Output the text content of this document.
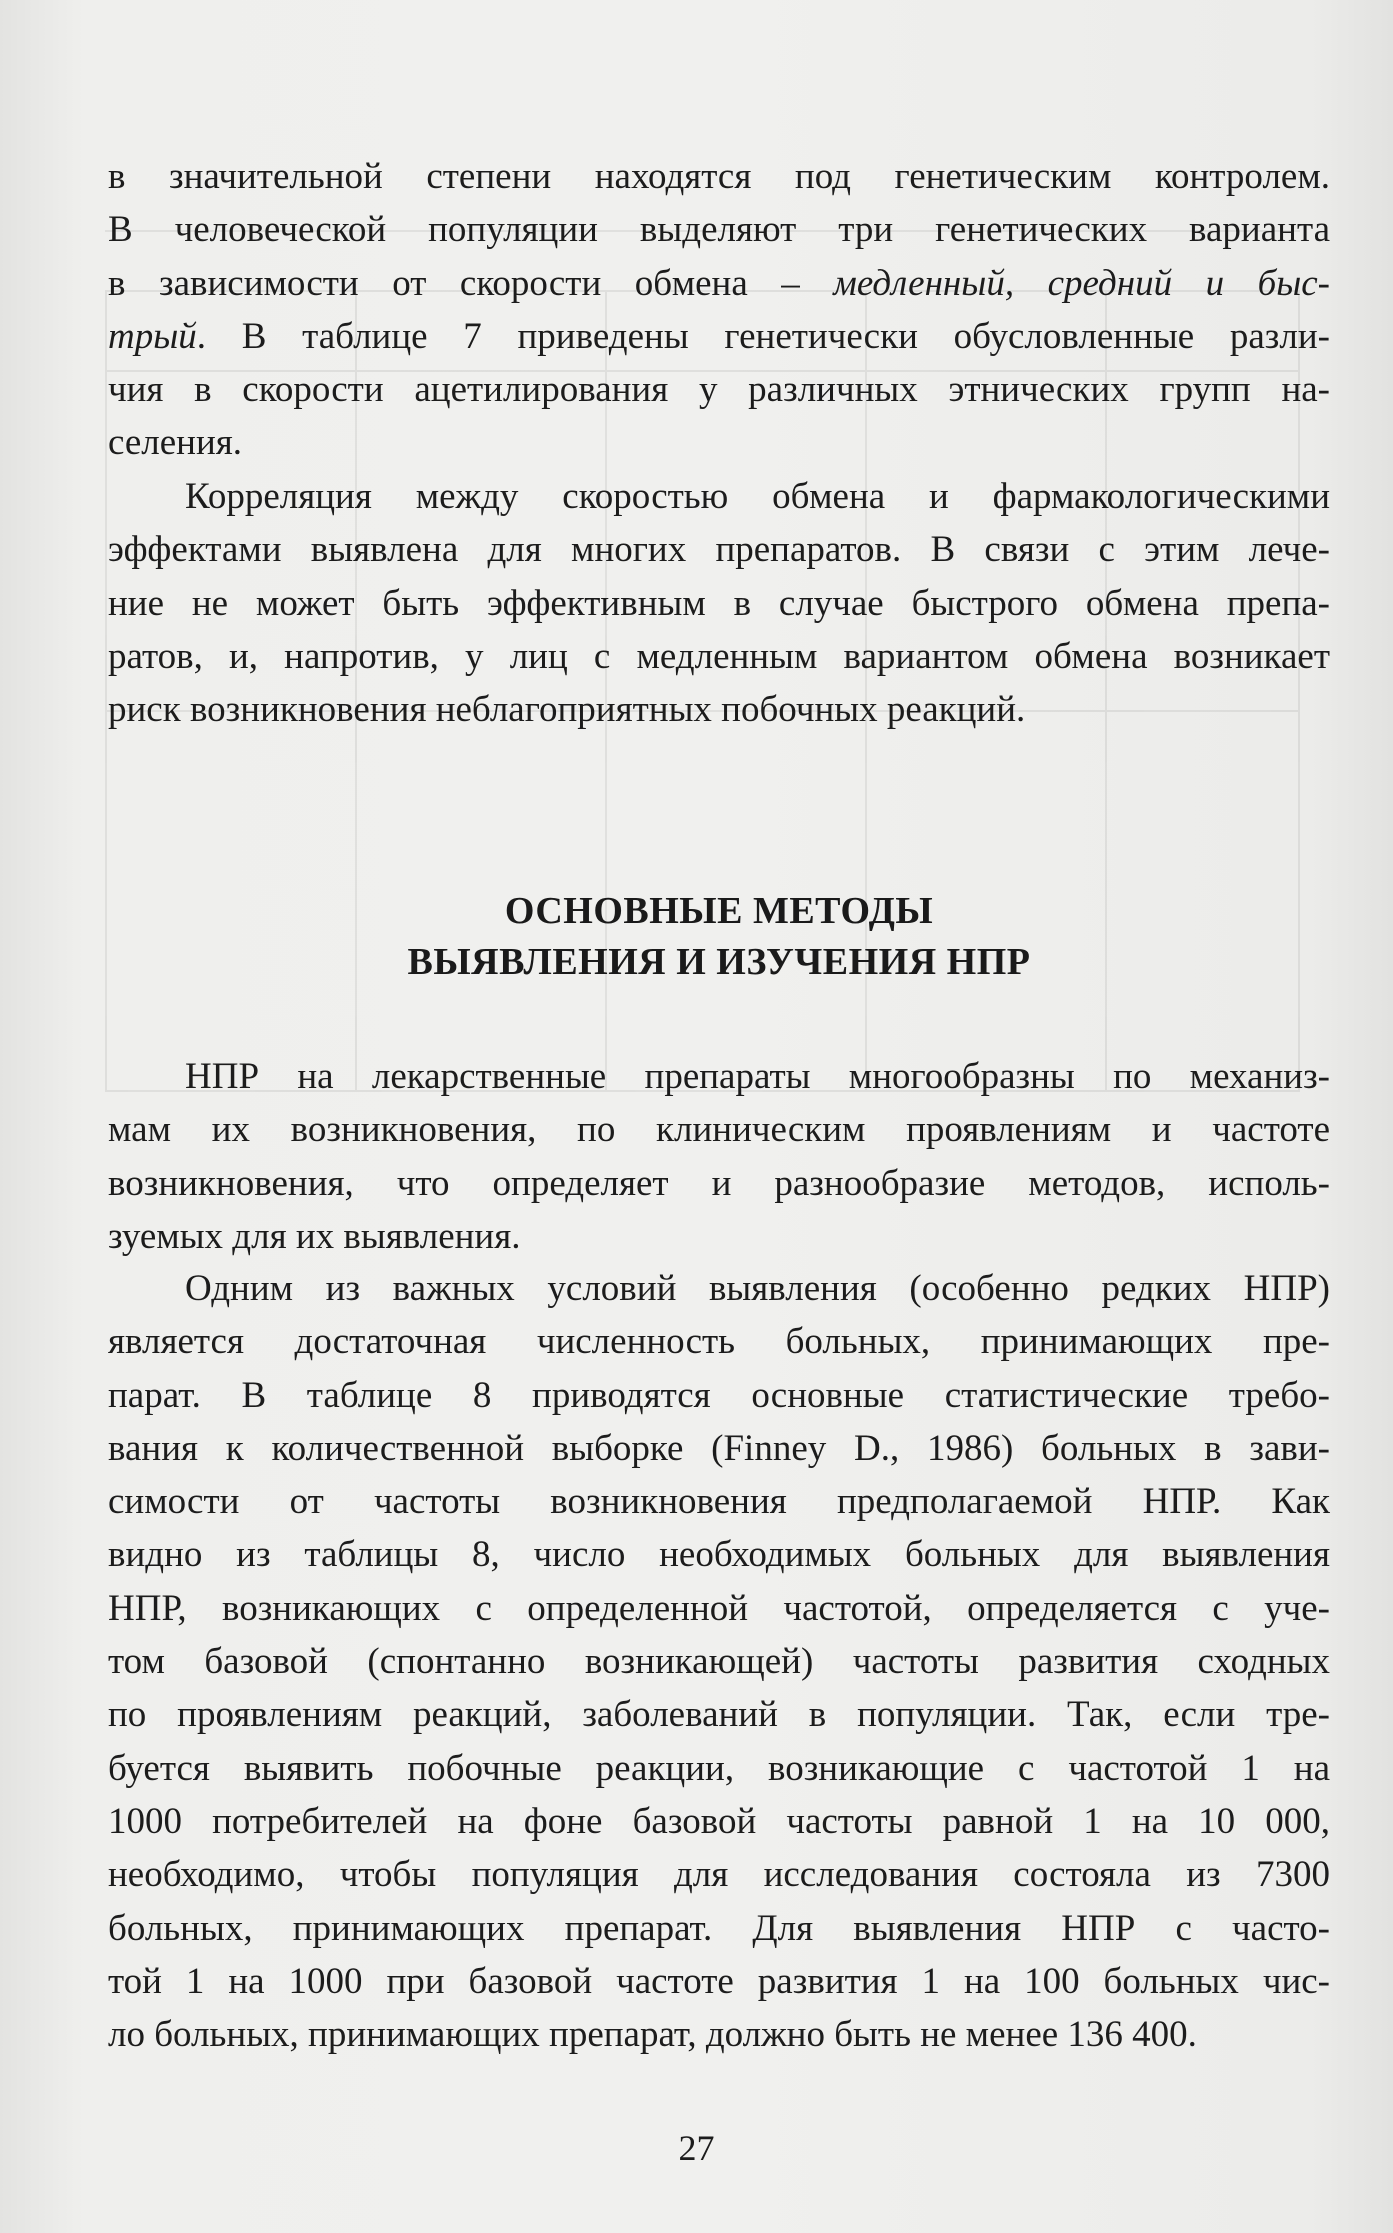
в значительной степени находятся под генетическим контролем.
В человеческой популяции выделяют три генетических варианта
в зависимости от скорости обмена – медленный, средний и быс-
трый. В таблице 7 приведены генетически обусловленные разли-
чия в скорости ацетилирования у различных этнических групп на-
селения.
Корреляция между скоростью обмена и фармакологическими
эффектами выявлена для многих препаратов. В связи с этим лече-
ние не может быть эффективным в случае быстрого обмена препа-
ратов, и, напротив, у лиц с медленным вариантом обмена возникает
риск возникновения неблагоприятных побочных реакций.
ОСНОВНЫЕ МЕТОДЫ
ВЫЯВЛЕНИЯ И ИЗУЧЕНИЯ НПР
НПР на лекарственные препараты многообразны по механиз-
мам их возникновения, по клиническим проявлениям и частоте
возникновения, что определяет и разнообразие методов, исполь-
зуемых для их выявления.
Одним из важных условий выявления (особенно редких НПР)
является достаточная численность больных, принимающих пре-
парат. В таблице 8 приводятся основные статистические требо-
вания к количественной выборке (Finney D., 1986) больных в зави-
симости от частоты возникновения предполагаемой НПР. Как
видно из таблицы 8, число необходимых больных для выявления
НПР, возникающих с определенной частотой, определяется с уче-
том базовой (спонтанно возникающей) частоты развития сходных
по проявлениям реакций, заболеваний в популяции. Так, если тре-
буется выявить побочные реакции, возникающие с частотой 1 на
1000 потребителей на фоне базовой частоты равной 1 на 10 000,
необходимо, чтобы популяция для исследования состояла из 7300
больных, принимающих препарат. Для выявления НПР с часто-
той 1 на 1000 при базовой частоте развития 1 на 100 больных чис-
ло больных, принимающих препарат, должно быть не менее 136 400.
27
